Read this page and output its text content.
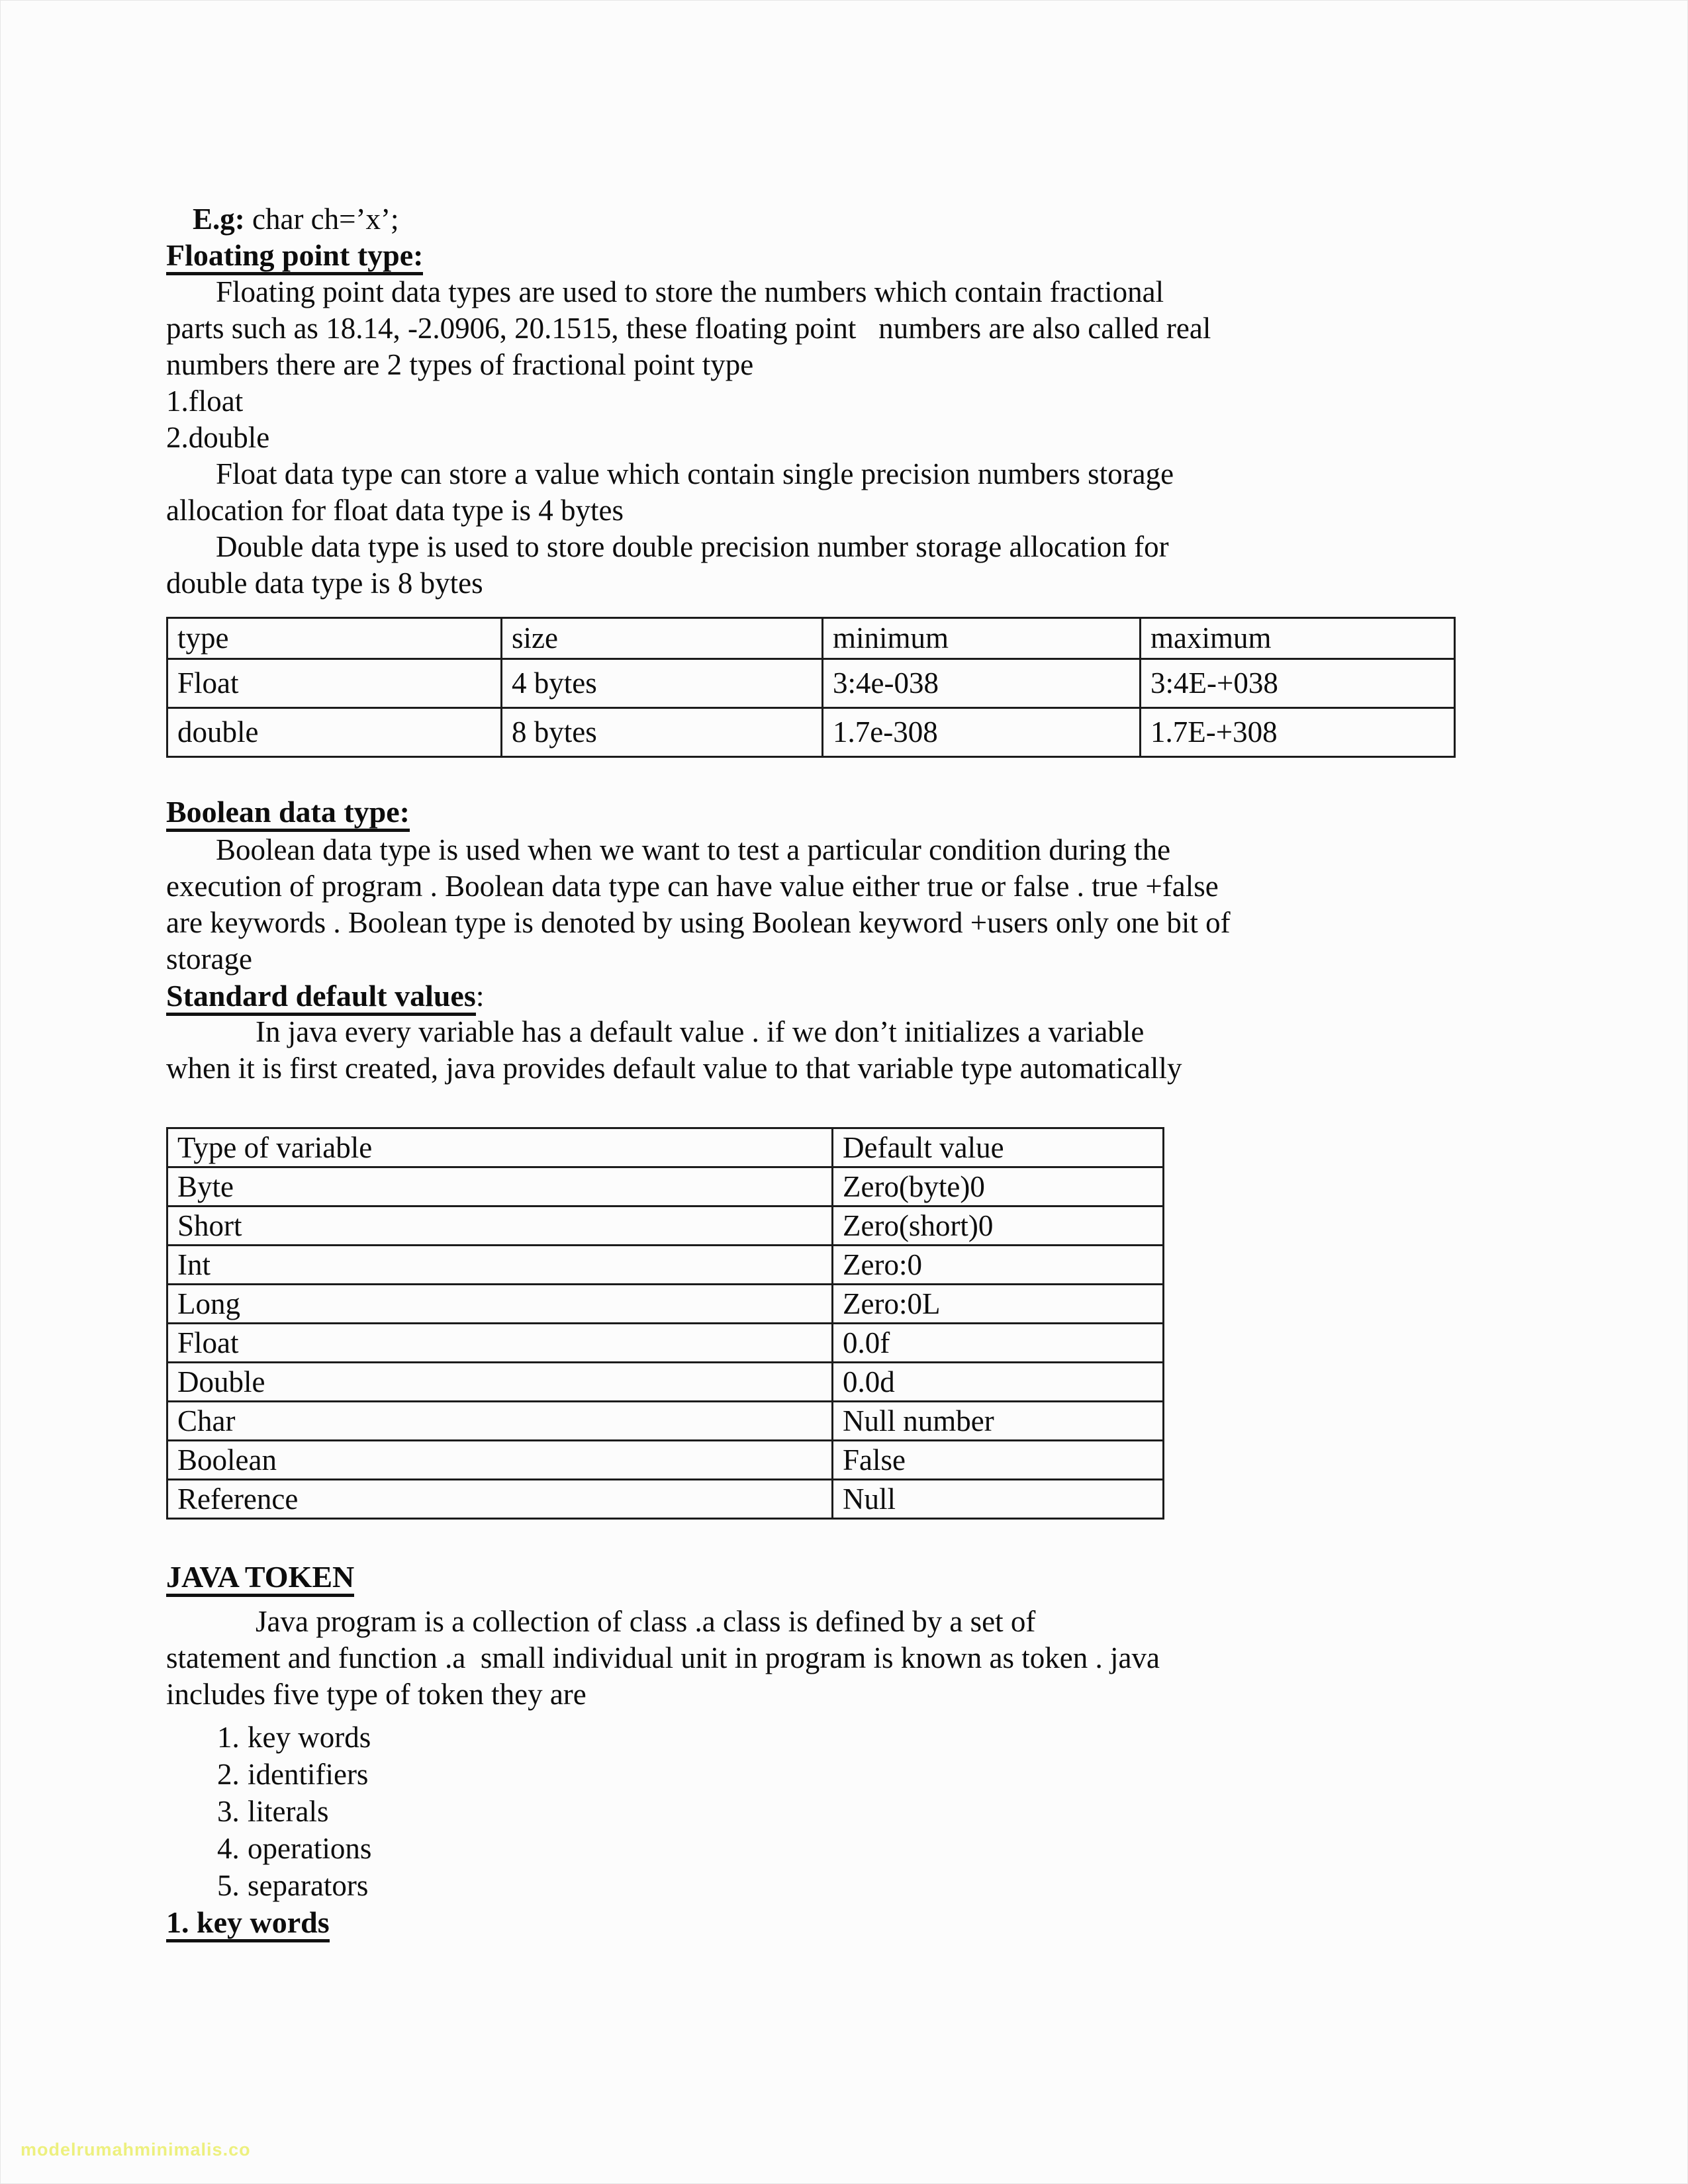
E.g: char ch=’x’;
Floating point type:
Floating point data types are used to store the numbers which contain fractional
parts such as 18.14, -2.0906, 20.1515, these floating point   numbers are also called real
numbers there are 2 types of fractional point type
1.float
2.double
Float data type can store a value which contain single precision numbers storage
allocation for float data type is 4 bytes
Double data type is used to store double precision number storage allocation for
double data type is 8 bytes
type	size	minimum	maximum
Float	4 bytes	3:4e-038	3:4E-+038
double	8 bytes	1.7e-308	1.7E-+308
Boolean data type:
Boolean data type is used when we want to test a particular condition during the
execution of program . Boolean data type can have value either true or false . true +false
are keywords . Boolean type is denoted by using Boolean keyword +users only one bit of
storage
Standard default values:
In java every variable has a default value . if we don’t initializes a variable
when it is first created, java provides default value to that variable type automatically
Type of variable	Default value
Byte	Zero(byte)0
Short	Zero(short)0
Int	Zero:0
Long	Zero:0L
Float	0.0f
Double	0.0d
Char	Null number
Boolean	False
Reference	Null
JAVA TOKEN
Java program is a collection of class .a class is defined by a set of
statement and function .a  small individual unit in program is known as token . java
includes five type of token they are
1. key words
2. identifiers
3. literals
4. operations
5. separators
1. key words
modelrumahminimalis.co
